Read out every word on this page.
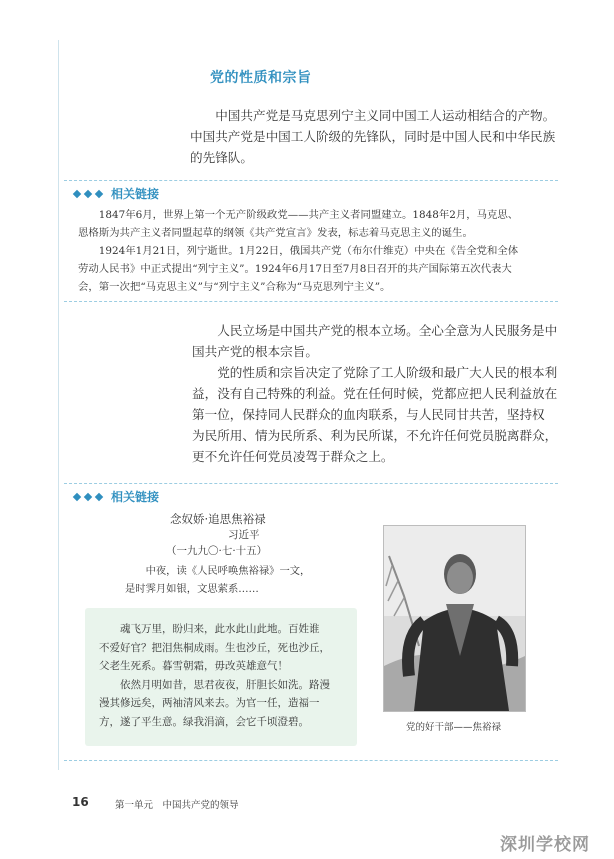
党的性质和宗旨
中国共产党是马克思列宁主义同中国工人运动相结合的产物。
中国共产党是中国工人阶级的先锋队，同时是中国人民和中华民族
的先锋队。
相关链接

1847年6月，世界上第一个无产阶级政党——共产主义者同盟建立。1848年2月，马克思、

恩格斯为共产主义者同盟起草的纲领《共产党宣言》发表，标志着马克思主义的诞生。

1924年1月21日，列宁逝世。1月22日，俄国共产党（布尔什维克）中央在《告全党和全体

劳动人民书》中正式提出“列宁主义”。1924年6月17日至7月8日召开的共产国际第五次代表大

会，第一次把“马克思主义”与“列宁主义”合称为“马克思列宁主义”。

人民立场是中国共产党的根本立场。全心全意为人民服务是中

国共产党的根本宗旨。

党的性质和宗旨决定了党除了工人阶级和最广大人民的根本利

益，没有自己特殊的利益。党在任何时候，党都应把人民利益放在

第一位，保持同人民群众的血肉联系，与人民同甘共苦，坚持权

为民所用、情为民所系、利为民所谋，不允许任何党员脱离群众，

更不允许任何党员凌驾于群众之上。

相关链接
念奴娇·追思焦裕禄
习近平
（一九九〇·七·十五）

中夜，读《人民呼唤焦裕禄》一文，

是时霁月如银，文思萦系……

魂飞万里，盼归来，此水此山此地。百姓谁

不爱好官？把泪焦桐成雨。生也沙丘，死也沙丘，

父老生死系。暮雪朝霜，毋改英雄意气！

依然月明如昔，思君夜夜，肝胆长如洗。路漫

漫其修远矣，两袖清风来去。为官一任，造福一

方，遂了平生意。绿我涓滴，会它千顷澄碧。	党的好干部——焦裕禄
16	第一单元　中国共产党的领导
深圳学校网
